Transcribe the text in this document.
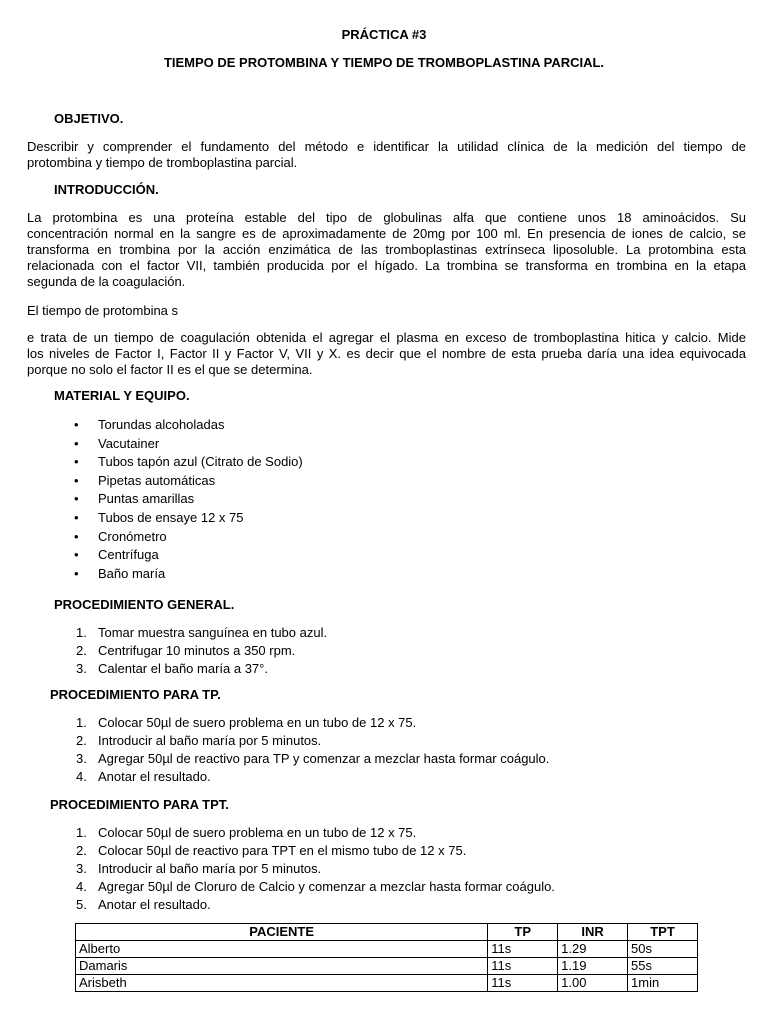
PRÁCTICA #3
TIEMPO DE PROTOMBINA Y TIEMPO DE TROMBOPLASTINA PARCIAL.
OBJETIVO.
Describir y comprender el fundamento del método e identificar la utilidad clínica de la medición del tiempo de
protombina y tiempo de tromboplastina parcial.
INTRODUCCIÓN.
La protombina es una proteína estable del tipo de globulinas alfa que contiene unos 18 aminoácidos. Su
concentración normal en la sangre es de aproximadamente de 20mg por 100 ml. En presencia de iones de calcio, se
transforma en trombina por la acción enzimática de las tromboplastinas extrínseca liposoluble. La protombina esta
relacionada con el factor VII, también producida por el hígado. La trombina se transforma en trombina en la etapa
segunda de la coagulación.
El tiempo de protombina s
e trata de un tiempo de coagulación obtenida el agregar el plasma en exceso de tromboplastina hitica y calcio. Mide
los niveles de Factor I, Factor II y Factor V, VII y X. es decir que el nombre de esta prueba daría una idea equivocada
porque no solo el factor II es el que se determina.
MATERIAL Y EQUIPO.
• Torundas alcoholadas
• Vacutainer
• Tubos tapón azul (Citrato de Sodio)
• Pipetas automáticas
• Puntas amarillas
• Tubos de ensaye 12 x 75
• Cronómetro
• Centrífuga
• Baño maría
PROCEDIMIENTO GENERAL.
1. Tomar muestra sanguínea en tubo azul.
2. Centrifugar 10 minutos a 350 rpm.
3. Calentar el baño maría a 37°.
PROCEDIMIENTO PARA TP.
1. Colocar 50µl de suero problema en un tubo de 12 x 75.
2. Introducir al baño maría por 5 minutos.
3. Agregar 50µl de reactivo para TP y comenzar a mezclar hasta formar coágulo.
4. Anotar el resultado.
PROCEDIMIENTO PARA TPT.
1. Colocar 50µl de suero problema en un tubo de 12 x 75.
2. Colocar 50µl de reactivo para TPT en el mismo tubo de 12 x 75.
3. Introducir al baño maría por 5 minutos.
4. Agregar 50µl de Cloruro de Calcio y comenzar a mezclar hasta formar coágulo.
5. Anotar el resultado.
PACIENTE	TP	INR	TPT
Alberto	11s	1.29	50s
Damaris	11s	1.19	55s
Arisbeth	11s	1.00	1min
